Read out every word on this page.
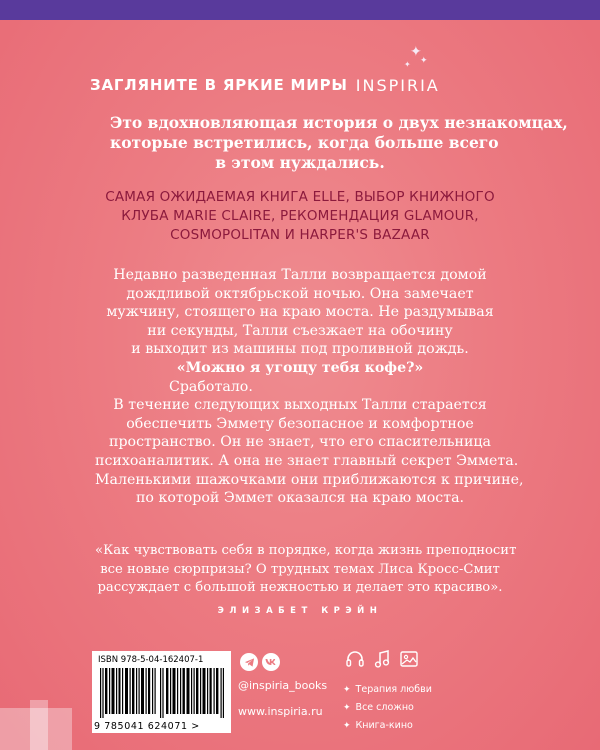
✦
✦
✦
ЗАГЛЯНИТЕ В ЯРКИЕ МИРЫ INSPIRIA
Это вдохновляющая история о двух незнакомцах,
которые встретились, когда больше всего
в этом нуждались.
САМАЯ ОЖИДАЕМАЯ КНИГА ELLE, ВЫБОР КНИЖНОГО
КЛУБА MARIE CLAIRE, РЕКОМЕНДАЦИЯ GLAMOUR,
COSMOPOLITAN И HARPER'S BAZAAR
Недавно разведенная Талли возвращается домой
дождливой октябрьской ночью. Она замечает
мужчину, стоящего на краю моста. Не раздумывая
ни секунды, Талли съезжает на обочину
и выходит из машины под проливной дождь.
«Можно я угощу тебя кофе?»
Сработало.
В течение следующих выходных Талли старается
обеспечить Эммету безопасное и комфортное
пространство. Он не знает, что его спасительница
психоаналитик. А она не знает главный секрет Эммета.
Маленькими шажочками они приближаются к причине,
по которой Эммет оказался на краю моста.
«Как чувствовать себя в порядке, когда жизнь преподносит
все новые сюрпризы? О трудных темах Лиса Кросс-Смит
рассуждает с большой нежностью и делает это красиво».
ЭЛИЗАБЕТ КРЭЙН
ISBN 978-5-04-162407-1
9 785041 624071 >
@inspiria_books
www.inspiria.ru
✦ Терапия любви
✦ Все сложно
✦ Книга-кино
